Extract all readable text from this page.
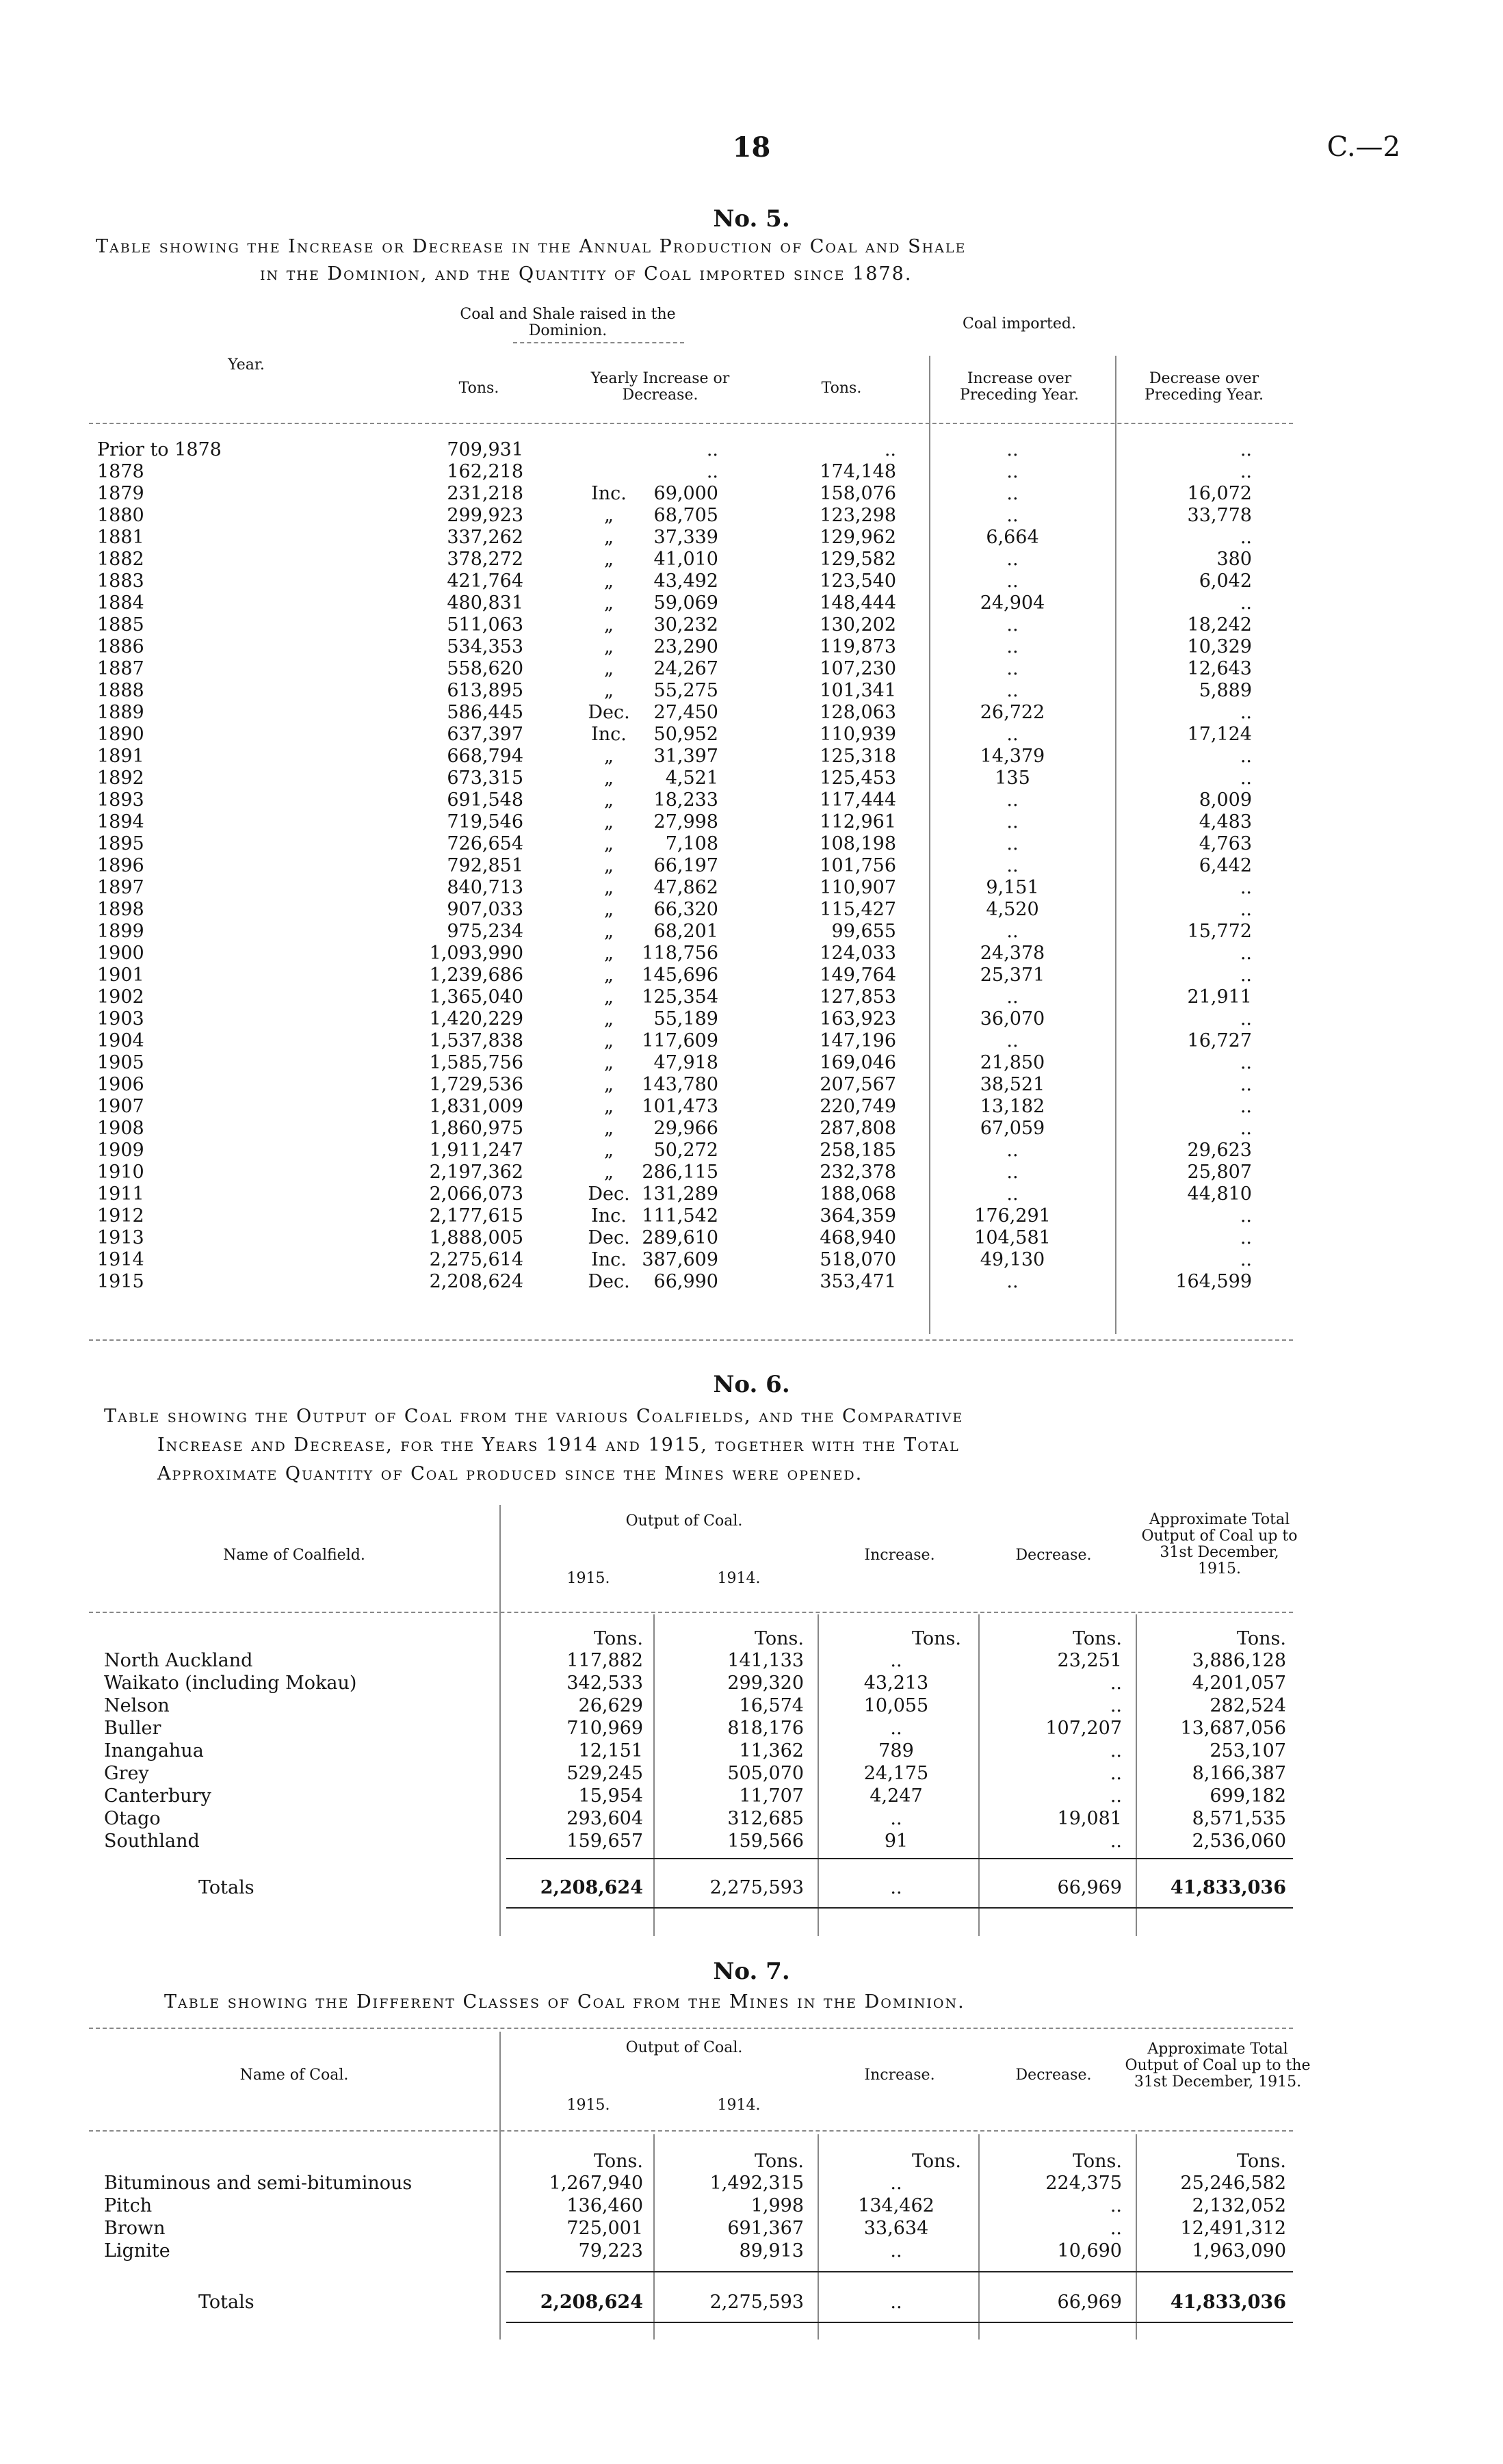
18	C.—2
No. 5.
Table showing the Increase or Decrease in the Annual Production of Coal and Shale
in the Dominion, and the Quantity of Coal imported since 1878.
Coal and Shale raised in the Dominion.	Coal imported.
Year.
Tons.
Yearly Increase or Decrease.	Tons.
Increase over Preceding Year.
Decrease over Preceding Year.
Prior to 1878	709,931	..	..	..	..
1878	162,218	..	174,148	..	..
1879	231,218	Inc.	69,000	158,076	..	16,072
1880	299,923	„	68,705	123,298	..	33,778
1881	337,262	„	37,339	129,962	6,664	..
1882	378,272	„	41,010	129,582	..	380
1883	421,764	„	43,492	123,540	..	6,042
1884	480,831	„	59,069	148,444	24,904	..
1885	511,063	„	30,232	130,202	..	18,242
1886	534,353	„	23,290	119,873	..	10,329
1887	558,620	„	24,267	107,230	..	12,643
1888	613,895	„	55,275	101,341	..	5,889
1889	586,445	Dec.	27,450	128,063	26,722	..
1890	637,397	Inc.	50,952	110,939	..	17,124
1891	668,794	„	31,397	125,318	14,379	..
1892	673,315	„	4,521	125,453	135	..
1893	691,548	„	18,233	117,444	..	8,009
1894	719,546	„	27,998	112,961	..	4,483
1895	726,654	„	7,108	108,198	..	4,763
1896	792,851	„	66,197	101,756	..	6,442
1897	840,713	„	47,862	110,907	9,151	..
1898	907,033	„	66,320	115,427	4,520	..
1899	975,234	„	68,201	99,655	..	15,772
1900	1,093,990	„	118,756	124,033	24,378	..
1901	1,239,686	„	145,696	149,764	25,371	..
1902	1,365,040	„	125,354	127,853	..	21,911
1903	1,420,229	„	55,189	163,923	36,070	..
1904	1,537,838	„	117,609	147,196	..	16,727
1905	1,585,756	„	47,918	169,046	21,850	..
1906	1,729,536	„	143,780	207,567	38,521	..
1907	1,831,009	„	101,473	220,749	13,182	..
1908	1,860,975	„	29,966	287,808	67,059	..
1909	1,911,247	„	50,272	258,185	..	29,623
1910	2,197,362	„	286,115	232,378	..	25,807
1911	2,066,073	Dec. 131,289	188,068	..	44,810
1912	2,177,615	Inc. 111,542	364,359	176,291	..
1913	1,888,005	Dec. 289,610	468,940	104,581	..
1914	2,275,614	Inc. 387,609	518,070	49,130	..
1915	2,208,624	Dec.	66,990	353,471	..	164,599
No. 6.
Table showing the Output of Coal from the various Coalfields, and the Comparative
Increase and Decrease, for the Years 1914 and 1915, together with the Total
Approximate Quantity of Coal produced since the Mines were opened.
Name of Coalfield.
Output of Coal.
1915.	1914.
Increase.	Decrease.
Approximate Total Output of Coal up to 31st December, 1915.
Tons.	Tons.	Tons.	Tons.	Tons.
North Auckland	117,882	141,133	..	23,251	3,886,128
Waikato (including Mokau)	342,533	299,320	43,213	..	4,201,057
Nelson	26,629	16,574	10,055	..	282,524
Buller	710,969	818,176	..	107,207	13,687,056
Inangahua	12,151	11,362	789	..	253,107
Grey	529,245	505,070	24,175	..	8,166,387
Canterbury	15,954	11,707	4,247	..	699,182
Otago	293,604	312,685	..	19,081	8,571,535
Southland	159,657	159,566	91	..	2,536,060
Totals	2,208,624	2,275,593	..	66,969	41,833,036
No. 7.
Table showing the Different Classes of Coal from the Mines in the Dominion.
Name of Coal.
Output of Coal.
1915.	1914.
Increase.	Decrease.
Approximate Total Output of Coal up to the 31st December, 1915.
Tons.	Tons.	Tons.	Tons.	Tons.
Bituminous and semi-bituminous	1,267,940	1,492,315	..	224,375	25,246,582
Pitch	136,460	1,998	134,462	..	2,132,052
Brown	725,001	691,367	33,634	..	12,491,312
Lignite	79,223	89,913	..	10,690	1,963,090
Totals	2,208,624	2,275,593	..	66,969	41,833,036
